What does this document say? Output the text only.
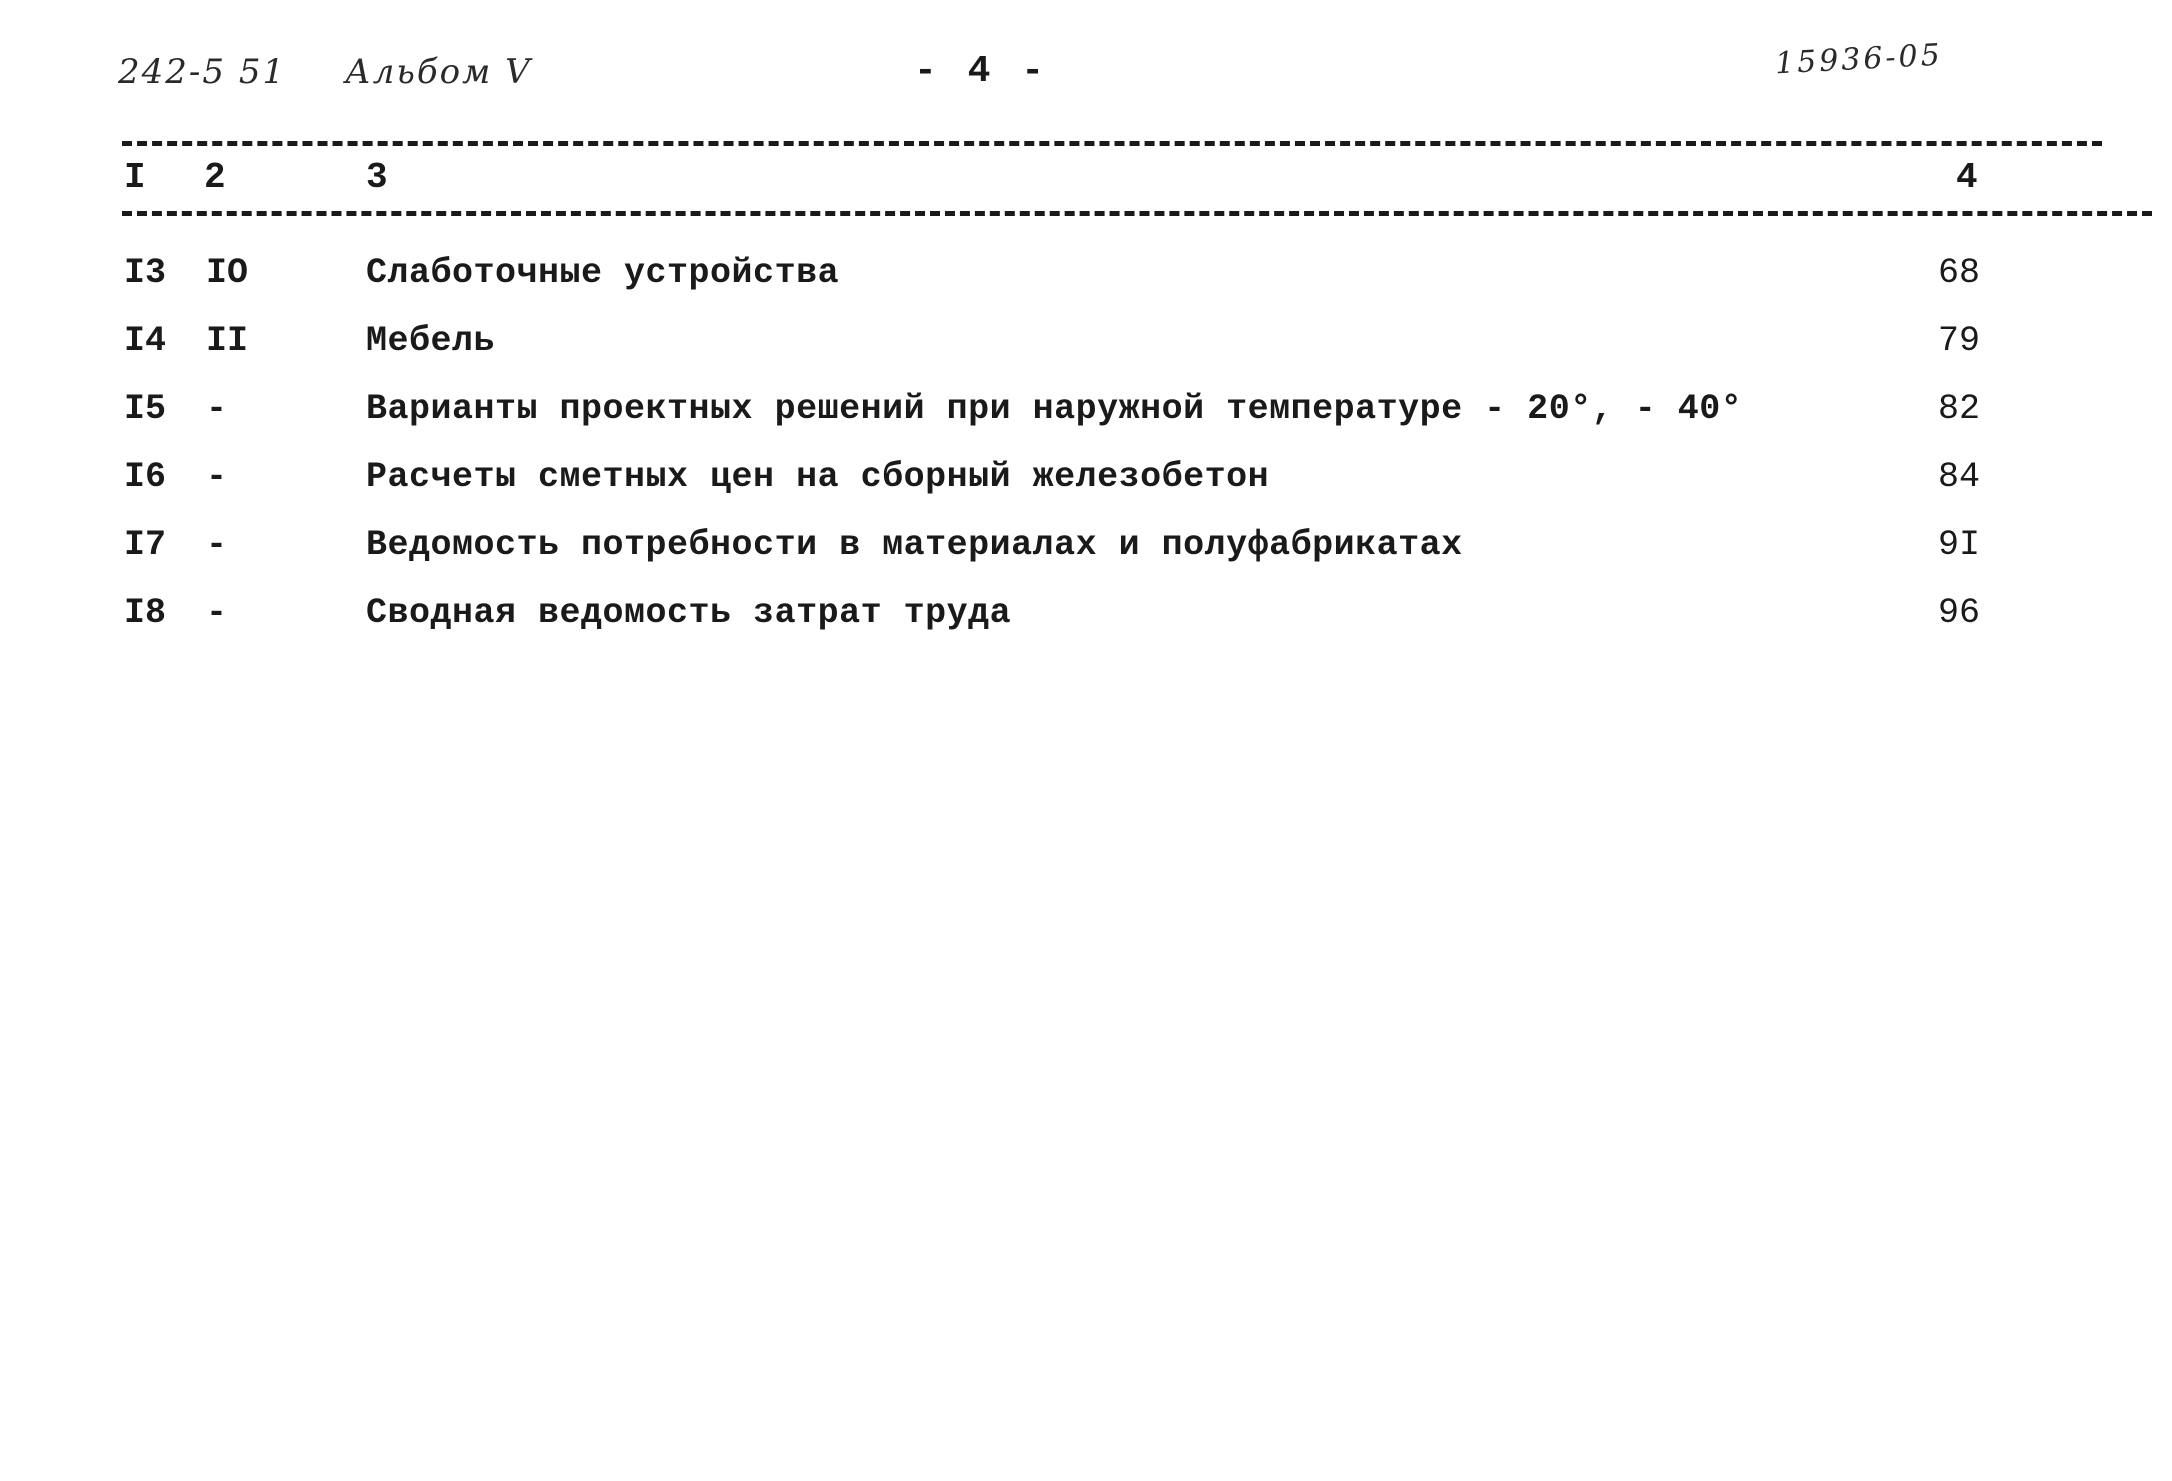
242-5 51 Альбом V	- 4 -	15936-05
I 2	3	4
I3 IO	Слаботочные устройства	68
I4 II	Мебель	79
I5 -	Варианты проектных решений при наружной температуре - 20°, - 40°	82
I6 -	Расчеты сметных цен на сборный железобетон	84
I7 -	Ведомость потребности в материалах и полуфабрикатах	9I
I8 -	Сводная ведомость затрат труда	96
